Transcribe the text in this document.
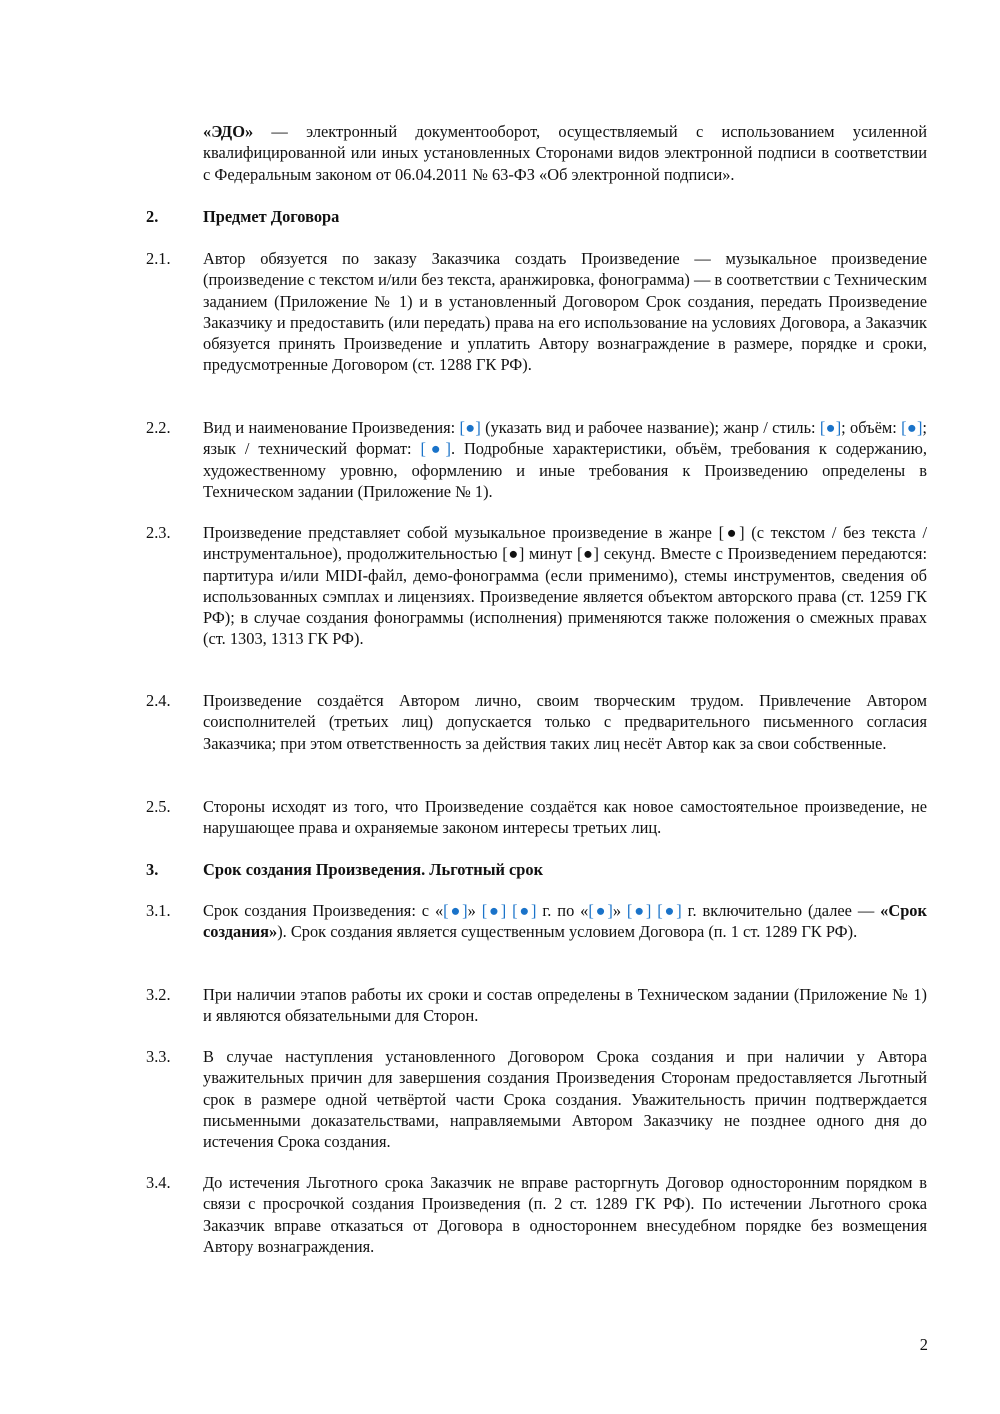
«ЭДО» — электронный документооборот, осуществляемый с использованием усиленной квалифицированной или иных установленных Сторонами видов электронной подписи в соответствии с Федеральным законом от 06.04.2011 № 63-ФЗ «Об электронной подписи».
2.	Предмет Договора
2.1.	Автор обязуется по заказу Заказчика создать Произведение — музыкальное произведение (произведение с текстом и/или без текста, аранжировка, фонограмма) — в соответствии с Техническим заданием (Приложение № 1) и в установленный Договором Срок создания, передать Произведение Заказчику и предоставить (или передать) права на его использование на условиях Договора, а Заказчик обязуется принять Произведение и уплатить Автору вознаграждение в размере, порядке и сроки, предусмотренные Договором (ст. 1288 ГК РФ).
2.2.	Вид и наименование Произведения: [●] (указать вид и рабочее название); жанр / стиль: [●]; объём: [●]; язык / технический формат: [●]. Подробные характеристики, объём, требования к содержанию, художественному уровню, оформлению и иные требования к Произведению определены в Техническом задании (Приложение № 1).
2.3.	Произведение представляет собой музыкальное произведение в жанре [●] (с текстом / без текста / инструментальное), продолжительностью [●] минут [●] секунд. Вместе с Произведением передаются: партитура и/или MIDI-файл, демо-фонограмма (если применимо), стемы инструментов, сведения об использованных сэмплах и лицензиях. Произведение является объектом авторского права (ст. 1259 ГК РФ); в случае создания фонограммы (исполнения) применяются также положения о смежных правах (ст. 1303, 1313 ГК РФ).
2.4.	Произведение создаётся Автором лично, своим творческим трудом. Привлечение Автором соисполнителей (третьих лиц) допускается только с предварительного письменного согласия Заказчика; при этом ответственность за действия таких лиц несёт Автор как за свои собственные.
2.5.	Стороны исходят из того, что Произведение создаётся как новое самостоятельное произведение, не нарушающее права и охраняемые законом интересы третьих лиц.
3.	Срок создания Произведения. Льготный срок
3.1.	Срок создания Произведения: с «[●]» [●] [●] г. по «[●]» [●] [●] г. включительно (далее — «Срок создания»). Срок создания является существенным условием Договора (п. 1 ст. 1289 ГК РФ).
3.2.	При наличии этапов работы их сроки и состав определены в Техническом задании (Приложение № 1) и являются обязательными для Сторон.
3.3.	В случае наступления установленного Договором Срока создания и при наличии у Автора уважительных причин для завершения создания Произведения Сторонам предоставляется Льготный срок в размере одной четвёртой части Срока создания. Уважительность причин подтверждается письменными доказательствами, направляемыми Автором Заказчику не позднее одного дня до истечения Срока создания.
3.4.	До истечения Льготного срока Заказчик не вправе расторгнуть Договор односторонним порядком в связи с просрочкой создания Произведения (п. 2 ст. 1289 ГК РФ). По истечении Льготного срока Заказчик вправе отказаться от Договора в одностороннем внесудебном порядке без возмещения Автору вознаграждения.
2
